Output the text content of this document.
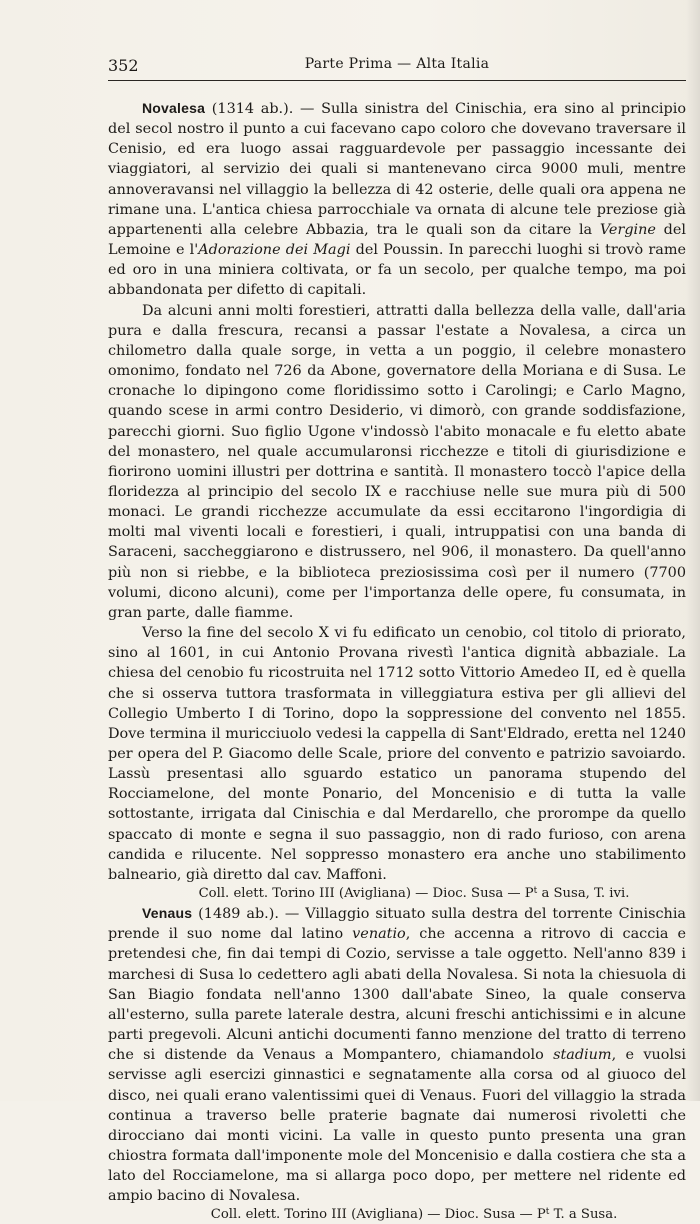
352	Parte Prima — Alta Italia

Novalesa (1314 ab.). — Sulla sinistra del Cinischia, era sino al principio del secol nostro il punto a cui facevano capo coloro che dovevano traversare il Cenisio, ed era luogo assai ragguardevole per passaggio incessante dei viaggiatori, al servizio dei quali si mantenevano circa 9000 muli, mentre annoveravansi nel villaggio la bellezza di 42 osterie, delle quali ora appena ne rimane una. L'antica chiesa parrocchiale va ornata di alcune tele preziose già appartenenti alla celebre Abbazia, tra le quali son da citare la Vergine del Lemoine e l'Adorazione dei Magi del Poussin. In parecchi luoghi si trovò rame ed oro in una miniera coltivata, or fa un secolo, per qualche tempo, ma poi abbandonata per difetto di capitali.

Da alcuni anni molti forestieri, attratti dalla bellezza della valle, dall'aria pura e dalla frescura, recansi a passar l'estate a Novalesa, a circa un chilometro dalla quale sorge, in vetta a un poggio, il celebre monastero omonimo, fondato nel 726 da Abone, governatore della Moriana e di Susa. Le cronache lo dipingono come floridissimo sotto i Carolingi; e Carlo Magno, quando scese in armi contro Desiderio, vi dimorò, con grande soddisfazione, parecchi giorni. Suo figlio Ugone v'indossò l'abito monacale e fu eletto abate del monastero, nel quale accumularonsi ricchezze e titoli di giurisdizione e fiorirono uomini illustri per dottrina e santità. Il monastero toccò l'apice della floridezza al principio del secolo IX e racchiuse nelle sue mura più di 500 monaci. Le grandi ricchezze accumulate da essi eccitarono l'ingordigia di molti mal viventi locali e forestieri, i quali, intruppatisi con una banda di Saraceni, saccheggiarono e distrussero, nel 906, il monastero. Da quell'anno più non si riebbe, e la biblioteca preziosissima così per il numero (7700 volumi, dicono alcuni), come per l'importanza delle opere, fu consumata, in gran parte, dalle fiamme.

Verso la fine del secolo X vi fu edificato un cenobio, col titolo di priorato, sino al 1601, in cui Antonio Provana rivestì l'antica dignità abbaziale. La chiesa del cenobio fu ricostruita nel 1712 sotto Vittorio Amedeo II, ed è quella che si osserva tuttora trasformata in villeggiatura estiva per gli allievi del Collegio Umberto I di Torino, dopo la soppressione del convento nel 1855. Dove termina il muricciuolo vedesi la cappella di Sant'Eldrado, eretta nel 1240 per opera del P. Giacomo delle Scale, priore del convento e patrizio savoiardo. Lassù presentasi allo sguardo estatico un panorama stupendo del Rocciamelone, del monte Ponario, del Moncenisio e di tutta la valle sottostante, irrigata dal Cinischia e dal Merdarello, che prorompe da quello spaccato di monte e segna il suo passaggio, non di rado furioso, con arena candida e rilucente. Nel soppresso monastero era anche uno stabilimento balneario, già diretto dal cav. Maffoni.

Coll. elett. Torino III (Avigliana) — Dioc. Susa — $P^t$ a Susa, T. ivi.

Venaus (1489 ab.). — Villaggio situato sulla destra del torrente Cinischia prende il suo nome dal latino venatio, che accenna a ritrovo di caccia e pretendesi che, fin dai tempi di Cozio, servisse a tale oggetto. Nell'anno 839 i marchesi di Susa lo cedettero agli abati della Novalesa. Si nota la chiesuola di San Biagio fondata nell'anno 1300 dall'abate Sineo, la quale conserva all'esterno, sulla parete laterale destra, alcuni freschi antichissimi e in alcune parti pregevoli. Alcuni antichi documenti fanno menzione del tratto di terreno che si distende da Venaus a Mompantero, chiamandolo stadium, e vuolsi servisse agli esercizi ginnastici e segnatamente alla corsa od al giuoco del disco, nei quali erano valentissimi quei di Venaus. Fuori del villaggio la strada continua a traverso belle praterie bagnate dai numerosi rivoletti che dirocciano dai monti vicini. La valle in questo punto presenta una gran chiostra formata dall'imponente mole del Moncenisio e dalla costiera che sta a lato del Rocciamelone, ma si allarga poco dopo, per mettere nel ridente ed ampio bacino di Novalesa.

Coll. elett. Torino III (Avigliana) — Dioc. Susa — $P^t$ T. a Susa.
